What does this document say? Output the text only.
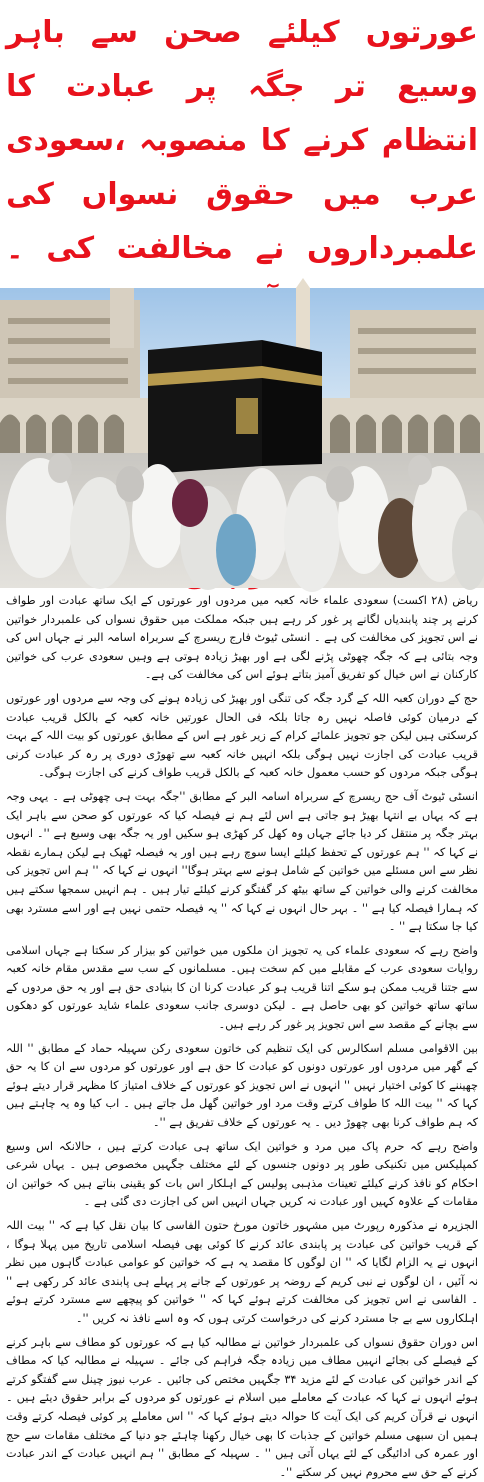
عورتوں کیلئے صحن سے باہر وسیع تر جگہ پر عبادت کا انتظام کرنے کا منصوبہ ،سعودی عرب میں حقوق نسواں کی علمبرداروں نے مخالفت کی ۔

ریاض (۲۸ اکست) سعودی علماء خانہ کعبہ میں مردوں اور عورتوں کے ایک ساتھ عبادت اور طواف کرنے پر چند پابندیاں لگانے پر غور کر رہے ہیں جبکہ مملکت میں حقوق نسواں کی علمبردار خواتین نے اس تجویز کی مخالفت کی ہے ۔ انسٹی ٹیوٹ فارج ریسرچ کے سربراہ اسامہ البر نے جہاں اس کی وجہ بتائی ہے کہ جگہ چھوٹی پڑنے لگی ہے اور بھیڑ زیادہ ہوتی ہے وہیں سعودی عرب کی خواتین کارکنان نے اس خیال کو تفریق آمیز بتاتے ہوئے اس کی مخالفت کی ہے۔

حج کے دوران کعبہ اللہ کے گرد جگہ کی تنگی اور بھیڑ کی زیادہ ہونے کی وجہ سے مردوں اور عورتوں کے درمیان کوئی فاصلہ نہیں رہ جاتا بلکہ فی الحال عورتیں خانہ کعبہ کے بالکل قریب عبادت کرسکتی ہیں لیکن جو تجویز علمائے کرام کے زیر غور ہے اس کے مطابق عورتوں کو بیت اللہ کے بہت قریب عبادت کی اجازت نہیں ہوگی بلکہ انہیں خانہ کعبہ سے تھوڑی دوری پر رہ کر عبادت کرنی ہوگی جبکہ مردوں کو حسب معمول خانہ کعبہ کے بالکل قریب طواف کرنے کی اجازت ہوگی۔

انسٹی ٹیوٹ آف حج ریسرچ کے سربراہ اسامہ البر کے مطابق ''جگہ بہت ہی چھوٹی ہے ۔ یہی وجہ ہے کہ یہاں بے انتہا بھیڑ ہو جاتی ہے اس لئے ہم نے فیصلہ کیا کہ عورتوں کو صحن سے باہر ایک بہتر جگہ پر منتقل کر دیا جائے جہاں وہ کھل کر کھڑی ہو سکیں اور یہ جگہ بھی وسیع ہے ''۔ انہوں نے کہا کہ '' ہم عورتوں کے تحفظ کیلئے ایسا سوچ رہے ہیں اور یہ فیصلہ ٹھیک ہے لیکن ہمارے نقطہ نظر سے اس مسئلے میں خواتین کے شامل ہونے سے بہتر ہوگا'' انہوں نے کہا کہ '' ہم اس تجویز کی مخالفت کرنے والی خواتین کے ساتھ بیٹھ کر گفتگو کرنے کیلئے تیار ہیں ۔ ہم انہیں سمجھا سکتے ہیں کہ ہمارا فیصلہ کیا ہے '' ۔ بہر حال انہوں نے کہا کہ '' یہ فیصلہ حتمی نہیں ہے اور اسے مسترد بھی کیا جا سکتا ہے '' ۔

واضح رہے کہ سعودی علماء کی یہ تجویز ان ملکوں میں خواتین کو بیزار کر سکتا ہے جہاں اسلامی روایات سعودی عرب کے مقابلے میں کم سخت ہیں۔ مسلمانوں کے سب سے مقدس مقام خانہ کعبہ سے جتنا قریب ممکن ہو سکے اتنا قریب ہو کر عبادت کرنا ان کا بنیادی حق ہے اور یہ حق مردوں کے ساتھ ساتھ خواتین کو بھی حاصل ہے ۔ لیکن دوسری جانب سعودی علماء شاید عورتوں کو دھکوں سے بچانے کے مقصد سے اس تجویز پر غور کر رہے ہیں۔

بین الاقوامی مسلم اسکالرس کی ایک تنظیم کی خاتون سعودی رکن سہیلہ حماد کے مطابق '' اللہ کے گھر میں مردوں اور عورتوں دونوں کو عبادت کا حق ہے اور عورتوں کو مردوں سے ان کا یہ حق چھیننے کا کوئی اختیار نہیں '' انہوں نے اس تجویز کو عورتوں کے خلاف امتیاز کا مظہر قرار دیتے ہوئے کہا کہ '' بیت اللہ کا طواف کرتے وقت مرد اور خواتین گھل مل جاتے ہیں ۔ اب کیا وہ یہ چاہتے ہیں کہ ہم طواف کرنا بھی چھوڑ دیں ۔ یہ عورتوں کے خلاف تفریق ہے ''۔

واضح رہے کہ حرم پاک میں مرد و خواتین ایک ساتھ ہی عبادت کرتے ہیں ، حالانکہ اس وسیع کمپلیکس میں تکنیکی طور پر دونوں جنسوں کے لئے مختلف جگہیں مخصوص ہیں ۔ یہاں شرعی احکام کو نافذ کرنے کیلئے تعینات مذہبی پولیس کے اہلکار اس بات کو یقینی بناتے ہیں کہ خواتین ان مقامات کے علاوہ کہیں اور عبادت نہ کریں جہاں انہیں اس کی اجازت دی گئی ہے ۔

الجزیرہ نے مذکورہ رپورٹ میں مشہور خاتون مورخ حتون الفاسی کا بیان نقل کیا ہے کہ '' بیت اللہ کے قریب خواتین کی عبادت پر پابندی عائد کرنے کا کوئی بھی فیصلہ اسلامی تاریخ میں پہلا ہوگا ، انہوں نے یہ الزام لگایا کہ '' ان لوگوں کا مقصد یہ ہے کہ خواتین کو عوامی عبادت گاہوں میں نظر نہ آئیں ، ان لوگوں نے نبی کریم کے روضہ پر عورتوں کے جانے پر پہلے ہی پابندی عائد کر رکھی ہے '' ۔ الفاسی نے اس تجویز کی مخالفت کرتے ہوئے کہا کہ '' خواتین کو پیچھے سے مسترد کرتے ہوئے اہلکاروں سے بے جا مسترد کرنے کی درخواست کرتی ہوں کہ وہ اسے نافذ نہ کریں ''۔

اس دوران حقوق نسواں کی علمبردار خواتین نے مطالبہ کیا ہے کہ عورتوں کو مطاف سے باہر کرنے کے فیصلے کی بجائے انہیں مطاف میں زیادہ جگہ فراہم کی جائے ۔ سہیلہ نے مطالبہ کیا کہ مطاف کے اندر خواتین کی عبادت کے لئے مزید ۳۴ جگہیں مختص کی جائیں ۔ عرب نیوز چینل سے گفتگو کرتے ہوئے انہوں نے کہا کہ عبادت کے معاملے میں اسلام نے عورتوں کو مردوں کے برابر حقوق دیئے ہیں ۔ انہوں نے قرآن کریم کی ایک آیت کا حوالہ دیتے ہوئے کہا کہ '' اس معاملے پر کوئی فیصلہ کرتے وقت ہمیں ان سبھی مسلم خواتین کے جذبات کا بھی خیال رکھنا چاہئے جو دنیا کے مختلف مقامات سے حج اور عمرہ کی ادائیگی کے لئے یہاں آتی ہیں '' ۔ سہیلہ کے مطابق '' ہم انہیں عبادت کے اندر عبادت کرنے کے حق سے محروم نہیں کر سکتے ''۔
